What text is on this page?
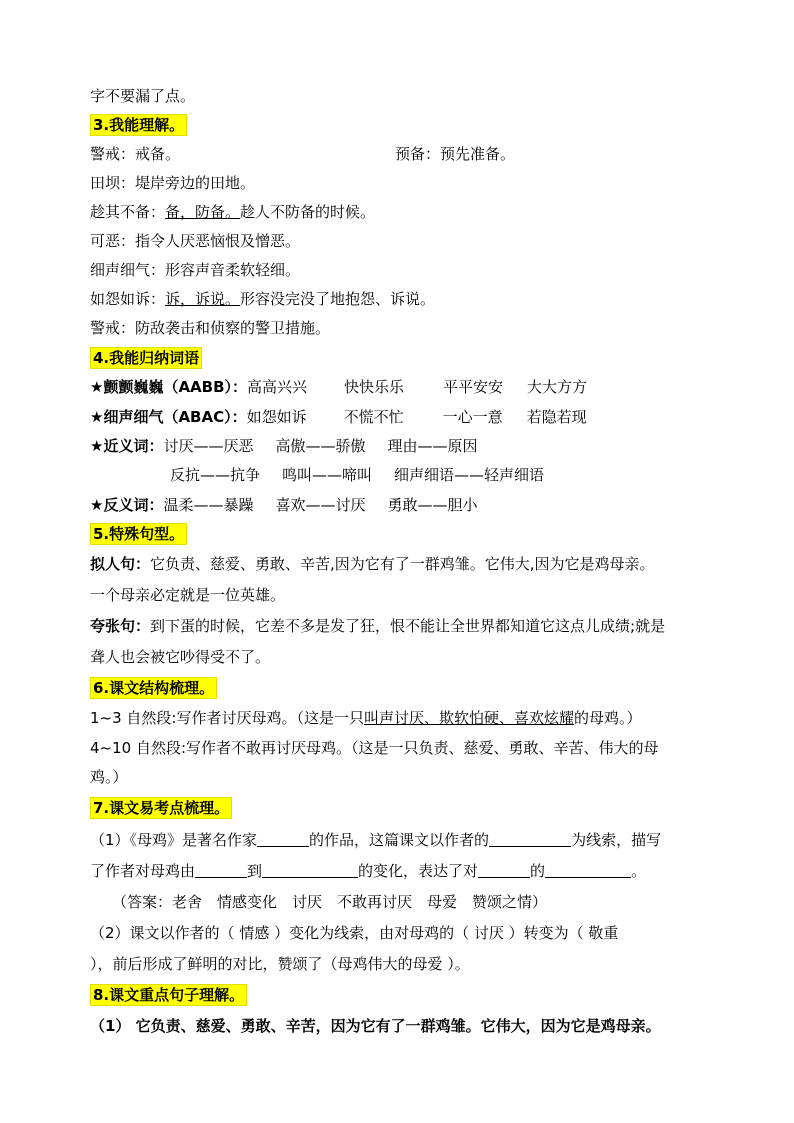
字不要漏了点。
3.我能理解。
警戒：戒备。	预备：预先准备。
田坝：堤岸旁边的田地。
趁其不备：备，防备。趁人不防备的时候。
可恶：指令人厌恶恼恨及憎恶。
细声细气：形容声音柔软轻细。
如怨如诉：诉，诉说。形容没完没了地抱怨、诉说。
警戒：防敌袭击和侦察的警卫措施。
4.我能归纳词语
★颤颤巍巍（AABB）：高高兴兴 快快乐乐	平平安安 大大方方
★细声细气（ABAC）：如怨如诉 不慌不忙	一心一意 若隐若现
★近义词：讨厌——厌恶 高傲——骄傲 理由——原因
反抗——抗争 鸣叫——啼叫 细声细语——轻声细语
★反义词：温柔——暴躁 喜欢——讨厌 勇敢——胆小
5.特殊句型。
拟人句：它负责、慈爱、勇敢、辛苦,因为它有了一群鸡雏。它伟大,因为它是鸡母亲。
一个母亲必定就是一位英雄。
夸张句：到下蛋的时候，它差不多是发了狂，恨不能让全世界都知道它这点儿成绩;就是
聋人也会被它吵得受不了。
6.课文结构梳理。
1~3 自然段:写作者讨厌母鸡。（这是一只叫声讨厌、欺软怕硬、喜欢炫耀的母鸡。）
4~10 自然段:写作者不敢再讨厌母鸡。（这是一只负责、慈爱、勇敢、辛苦、伟大的母
鸡。）
7.课文易考点梳理。
（1）《母鸡》是著名作家	的作品，这篇课文以作者的	为线索，描写
了作者对母鸡由	到	的变化，表达了对	的	。
（答案：老舍　情感变化　讨厌　不敢再讨厌　母爱　赞颂之情）
（2）课文以作者的（ 情感 ）变化为线索，由对母鸡的（ 讨厌 ）转变为（ 敬重
），前后形成了鲜明的对比，赞颂了（母鸡伟大的母爱 ）。
8.课文重点句子理解。
（1） 它负责、慈爱、勇敢、辛苦，因为它有了一群鸡雏。它伟大，因为它是鸡母亲。
